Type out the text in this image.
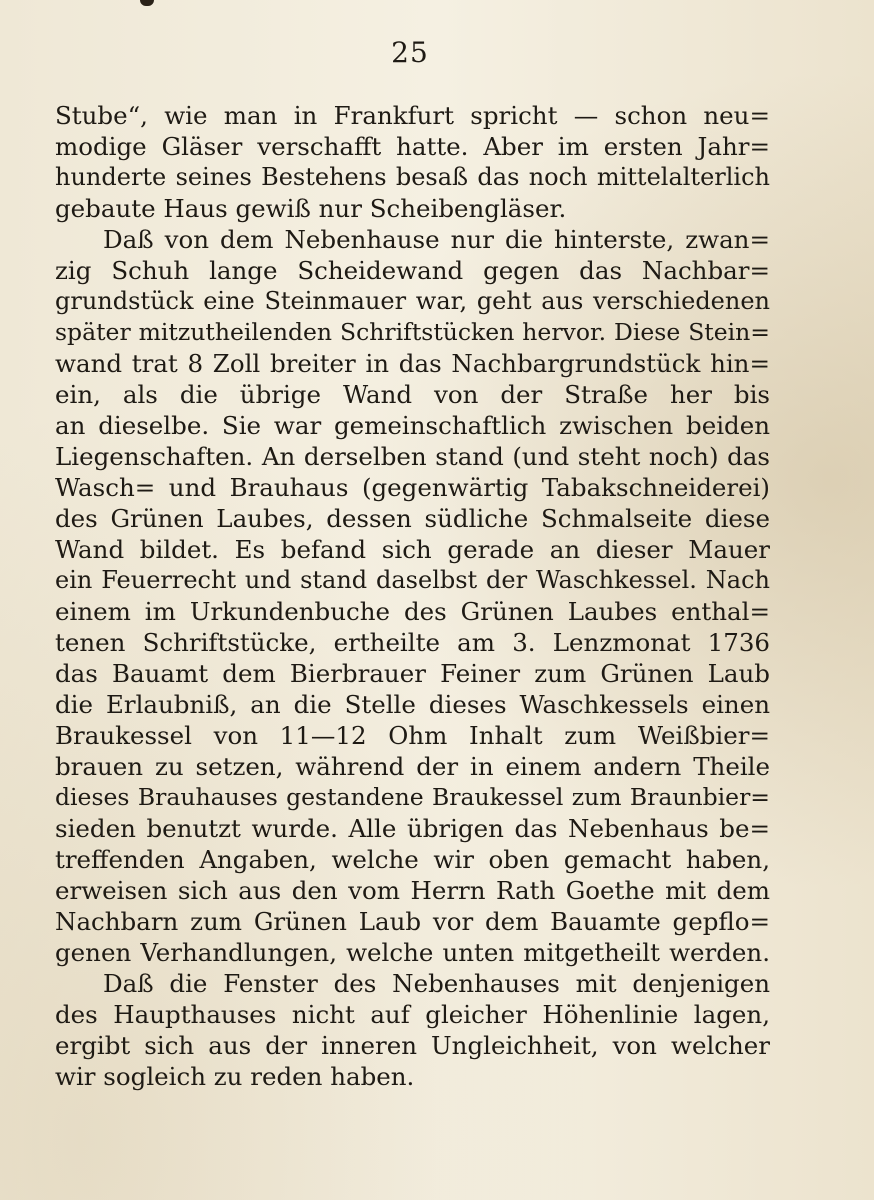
25
Stube“, wie man in Frankfurt spricht — schon neu=
modige Gläser verschafft hatte. Aber im ersten Jahr=
hunderte seines Bestehens besaß das noch mittelalterlich
gebaute Haus gewiß nur Scheibengläser.
Daß von dem Nebenhause nur die hinterste, zwan=
zig Schuh lange Scheidewand gegen das Nachbar=
grundstück eine Steinmauer war, geht aus verschiedenen
später mitzutheilenden Schriftstücken hervor. Diese Stein=
wand trat 8 Zoll breiter in das Nachbargrundstück hin=
ein, als die übrige Wand von der Straße her bis
an dieselbe. Sie war gemeinschaftlich zwischen beiden
Liegenschaften. An derselben stand (und steht noch) das
Wasch= und Brauhaus (gegenwärtig Tabakschneiderei)
des Grünen Laubes, dessen südliche Schmalseite diese
Wand bildet. Es befand sich gerade an dieser Mauer
ein Feuerrecht und stand daselbst der Waschkessel. Nach
einem im Urkundenbuche des Grünen Laubes enthal=
tenen Schriftstücke, ertheilte am 3. Lenzmonat 1736
das Bauamt dem Bierbrauer Feiner zum Grünen Laub
die Erlaubniß, an die Stelle dieses Waschkessels einen
Braukessel von 11—12 Ohm Inhalt zum Weißbier=
brauen zu setzen, während der in einem andern Theile
dieses Brauhauses gestandene Braukessel zum Braunbier=
sieden benutzt wurde. Alle übrigen das Nebenhaus be=
treffenden Angaben, welche wir oben gemacht haben,
erweisen sich aus den vom Herrn Rath Goethe mit dem
Nachbarn zum Grünen Laub vor dem Bauamte gepflo=
genen Verhandlungen, welche unten mitgetheilt werden.
Daß die Fenster des Nebenhauses mit denjenigen
des Haupthauses nicht auf gleicher Höhenlinie lagen,
ergibt sich aus der inneren Ungleichheit, von welcher
wir sogleich zu reden haben.
